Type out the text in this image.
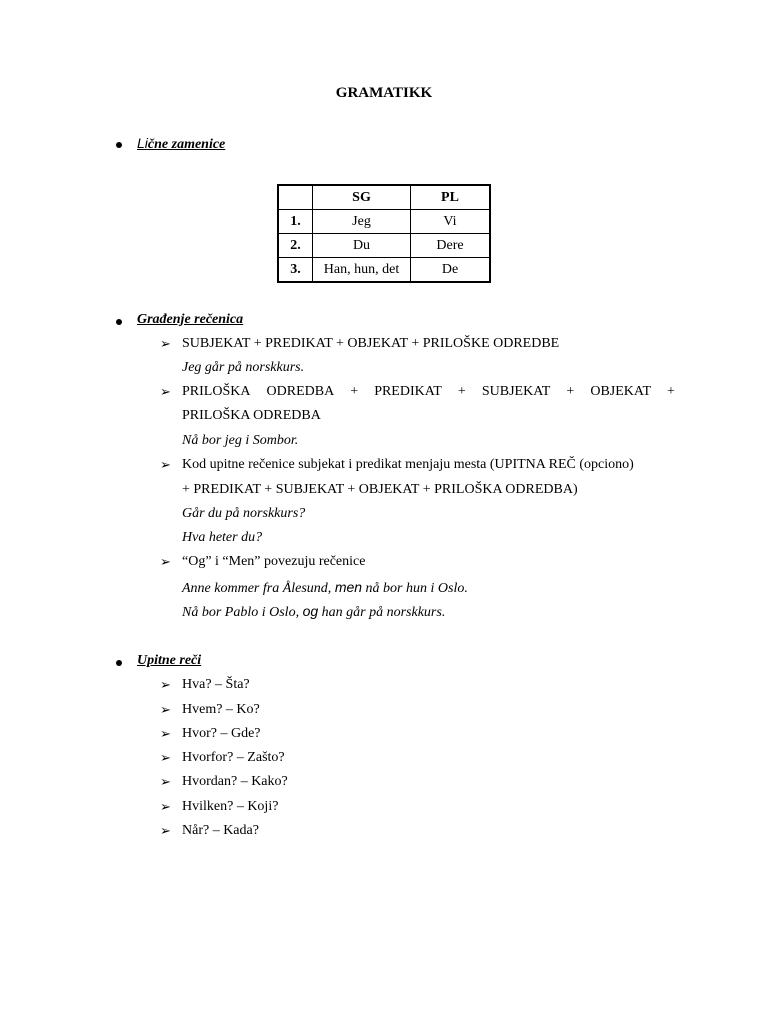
GRAMATIKK
Lične zamenice
	SG	PL
1.	Jeg	Vi
2.	Du	Dere
3.	Han, hun, det	De
Građenje rečenica
➢ SUBJEKAT + PREDIKAT + OBJEKAT + PRILOŠKE ODREDBE
Jeg går på norskkurs.
➢ PRILOŠKA ODREDBA + PREDIKAT + SUBJEKAT + OBJEKAT +
PRILOŠKA ODREDBA
Nå bor jeg i Sombor.
➢ Kod upitne rečenice subjekat i predikat menjaju mesta (UPITNA REČ (opciono)
+ PREDIKAT + SUBJEKAT + OBJEKAT + PRILOŠKA ODREDBA)
Går du på norskkurs?
Hva heter du?
➢ “Og” i “Men” povezuju rečenice
Anne kommer fra Ålesund, men nå bor hun i Oslo.
Nå bor Pablo i Oslo, og han går på norskkurs.
Upitne reči
➢ Hva? – Šta?
➢ Hvem? – Ko?
➢ Hvor? – Gde?
➢ Hvorfor? – Zašto?
➢ Hvordan? – Kako?
➢ Hvilken? – Koji?
➢ Når? – Kada?
